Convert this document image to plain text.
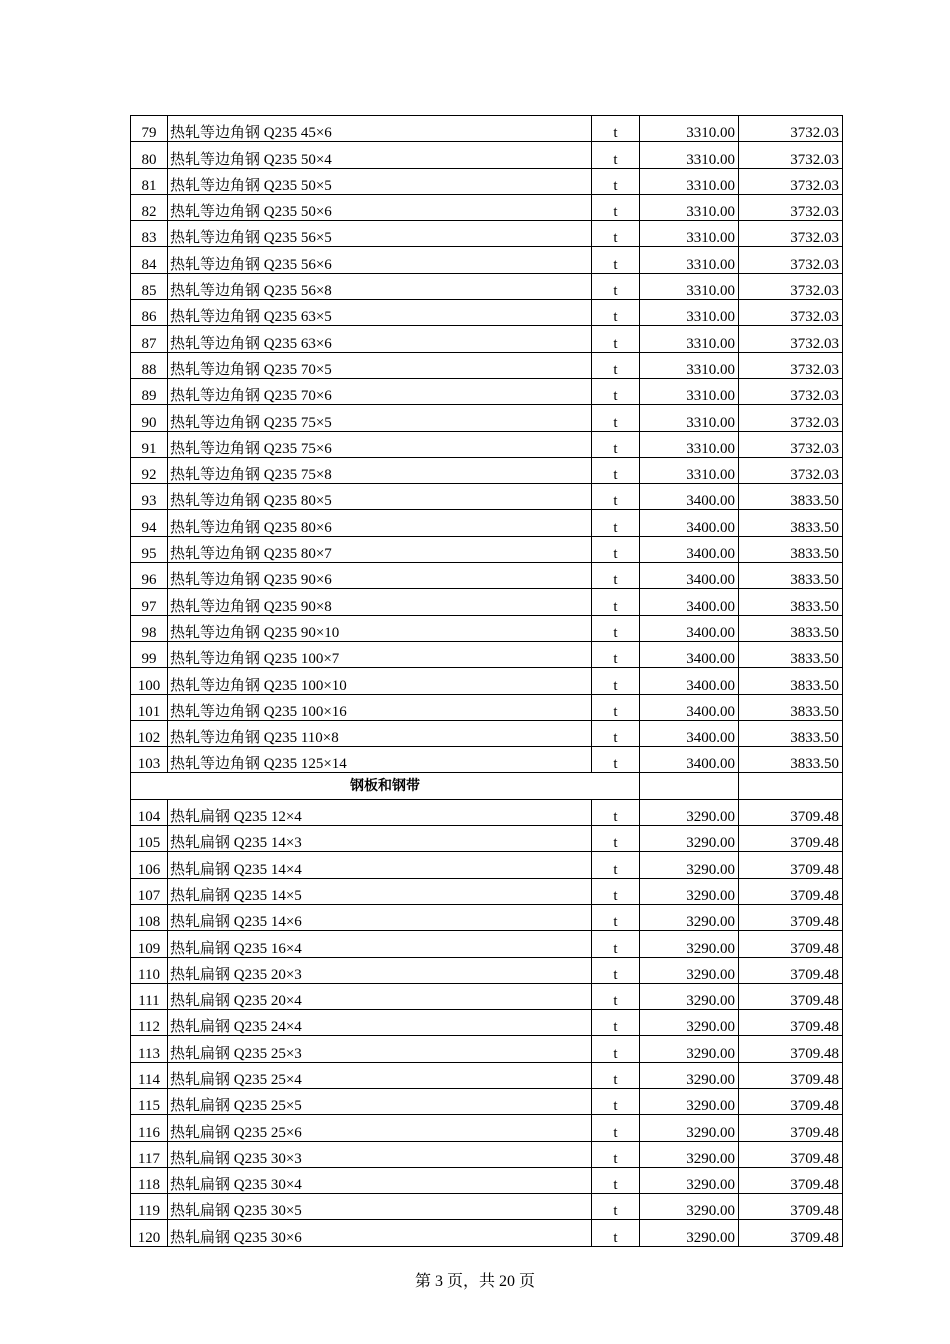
79	热轧等边角钢 Q235 45×6	t	3310.00	3732.03
80	热轧等边角钢 Q235 50×4	t	3310.00	3732.03
81	热轧等边角钢 Q235 50×5	t	3310.00	3732.03
82	热轧等边角钢 Q235 50×6	t	3310.00	3732.03
83	热轧等边角钢 Q235 56×5	t	3310.00	3732.03
84	热轧等边角钢 Q235 56×6	t	3310.00	3732.03
85	热轧等边角钢 Q235 56×8	t	3310.00	3732.03
86	热轧等边角钢 Q235 63×5	t	3310.00	3732.03
87	热轧等边角钢 Q235 63×6	t	3310.00	3732.03
88	热轧等边角钢 Q235 70×5	t	3310.00	3732.03
89	热轧等边角钢 Q235 70×6	t	3310.00	3732.03
90	热轧等边角钢 Q235 75×5	t	3310.00	3732.03
91	热轧等边角钢 Q235 75×6	t	3310.00	3732.03
92	热轧等边角钢 Q235 75×8	t	3310.00	3732.03
93	热轧等边角钢 Q235 80×5	t	3400.00	3833.50
94	热轧等边角钢 Q235 80×6	t	3400.00	3833.50
95	热轧等边角钢 Q235 80×7	t	3400.00	3833.50
96	热轧等边角钢 Q235 90×6	t	3400.00	3833.50
97	热轧等边角钢 Q235 90×8	t	3400.00	3833.50
98	热轧等边角钢 Q235 90×10	t	3400.00	3833.50
99	热轧等边角钢 Q235 100×7	t	3400.00	3833.50
100	热轧等边角钢 Q235 100×10	t	3400.00	3833.50
101	热轧等边角钢 Q235 100×16	t	3400.00	3833.50
102	热轧等边角钢 Q235 110×8	t	3400.00	3833.50
103	热轧等边角钢 Q235 125×14	t	3400.00	3833.50
钢板和钢带				
104	热轧扁钢 Q235 12×4	t	3290.00	3709.48
105	热轧扁钢 Q235 14×3	t	3290.00	3709.48
106	热轧扁钢 Q235 14×4	t	3290.00	3709.48
107	热轧扁钢 Q235 14×5	t	3290.00	3709.48
108	热轧扁钢 Q235 14×6	t	3290.00	3709.48
109	热轧扁钢 Q235 16×4	t	3290.00	3709.48
110	热轧扁钢 Q235 20×3	t	3290.00	3709.48
111	热轧扁钢 Q235 20×4	t	3290.00	3709.48
112	热轧扁钢 Q235 24×4	t	3290.00	3709.48
113	热轧扁钢 Q235 25×3	t	3290.00	3709.48
114	热轧扁钢 Q235 25×4	t	3290.00	3709.48
115	热轧扁钢 Q235 25×5	t	3290.00	3709.48
116	热轧扁钢 Q235 25×6	t	3290.00	3709.48
117	热轧扁钢 Q235 30×3	t	3290.00	3709.48
118	热轧扁钢 Q235 30×4	t	3290.00	3709.48
119	热轧扁钢 Q235 30×5	t	3290.00	3709.48
120	热轧扁钢 Q235 30×6	t	3290.00	3709.48
第 3 页，共 20 页
